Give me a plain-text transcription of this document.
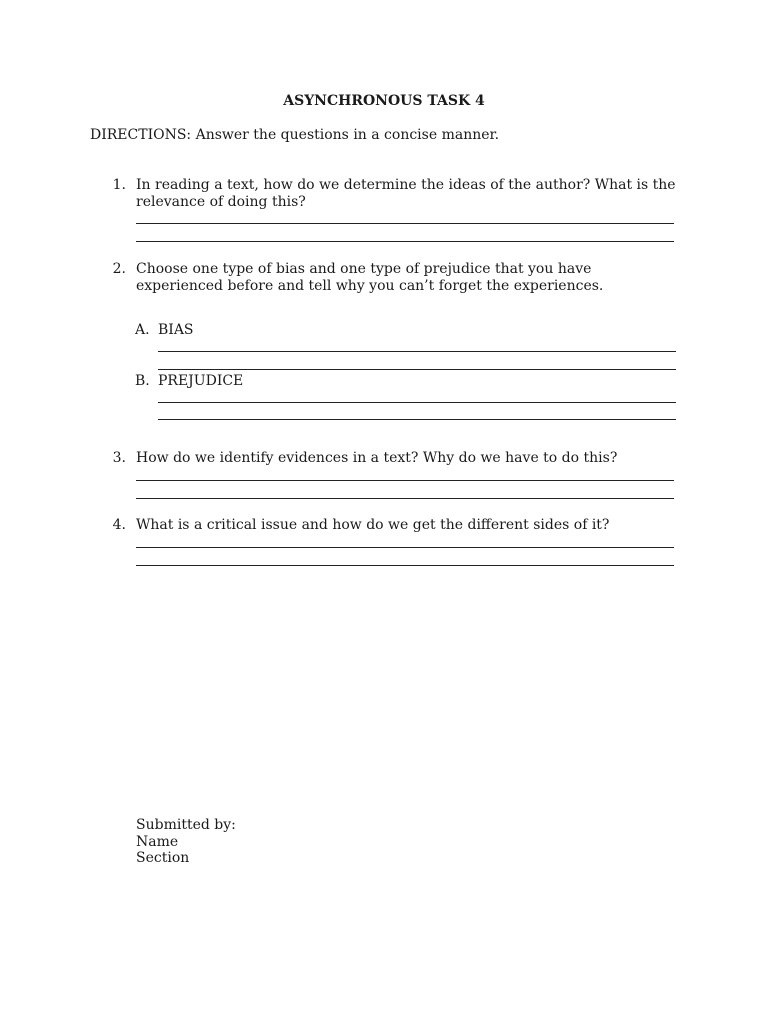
ASYNCHRONOUS TASK 4
DIRECTIONS: Answer the questions in a concise manner.
1. In reading a text, how do we determine the ideas of the author? What is the relevance of doing this?
2. Choose one type of bias and one type of prejudice that you have experienced before and tell why you can’t forget the experiences.
A. BIAS
B. PREJUDICE
3. How do we identify evidences in a text? Why do we have to do this?
4. What is a critical issue and how do we get the different sides of it?
Submitted by:
Name
Section
